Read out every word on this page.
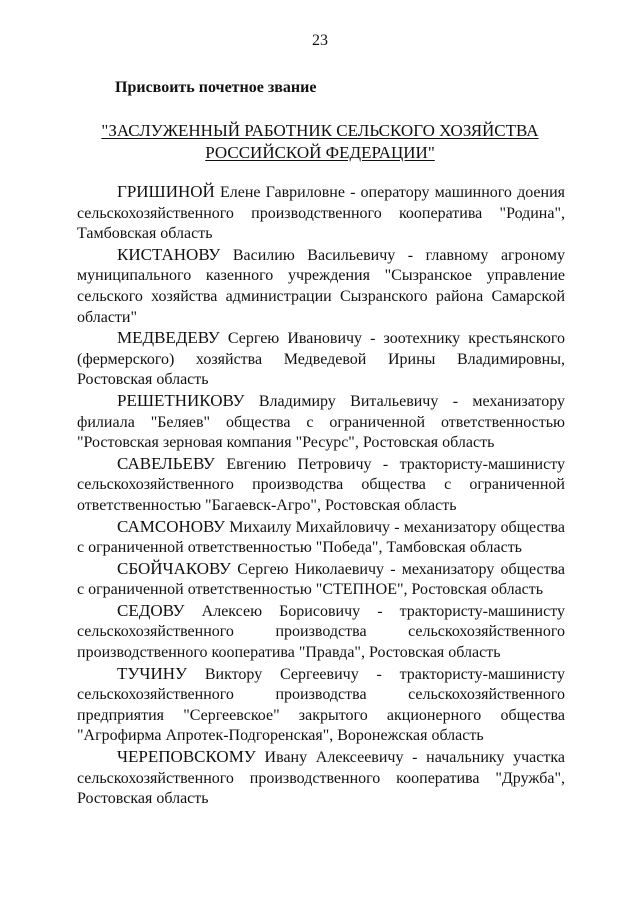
23
Присвоить почетное звание
"ЗАСЛУЖЕННЫЙ РАБОТНИК СЕЛЬСКОГО ХОЗЯЙСТВА
РОССИЙСКОЙ ФЕДЕРАЦИИ"

ГРИШИНОЙ Елене Гавриловне - оператору машинного доения сельскохозяйственного производственного кооператива "Родина", Тамбовская область

КИСТАНОВУ Василию Васильевичу - главному агроному муниципального казенного учреждения "Сызранское управление сельского хозяйства администрации Сызранского района Самарской области"

МЕДВЕДЕВУ Сергею Ивановичу - зоотехнику крестьянского (фермерского) хозяйства Медведевой Ирины Владимировны, Ростовская область

РЕШЕТНИКОВУ Владимиру Витальевичу - механизатору филиала "Беляев" общества с ограниченной ответственностью "Ростовская зерновая компания "Ресурс", Ростовская область

САВЕЛЬЕВУ Евгению Петровичу - трактористу-машинисту сельскохозяйственного производства общества с ограниченной ответственностью "Багаевск-Агро", Ростовская область

САМСОНОВУ Михаилу Михайловичу - механизатору общества с ограниченной ответственностью "Победа", Тамбовская область

СБОЙЧАКОВУ Сергею Николаевичу - механизатору общества с ограниченной ответственностью "СТЕПНОЕ", Ростовская область

СЕДОВУ Алексею Борисовичу - трактористу-машинисту сельскохозяйственного производства сельскохозяйственного производственного кооператива "Правда", Ростовская область

ТУЧИНУ Виктору Сергеевичу - трактористу-машинисту сельскохозяйственного производства сельскохозяйственного предприятия "Сергеевское" закрытого акционерного общества "Агрофирма Апротек-Подгоренская", Воронежская область

ЧЕРЕПОВСКОМУ Ивану Алексеевичу - начальнику участка сельскохозяйственного производственного кооператива "Дружба", Ростовская область
